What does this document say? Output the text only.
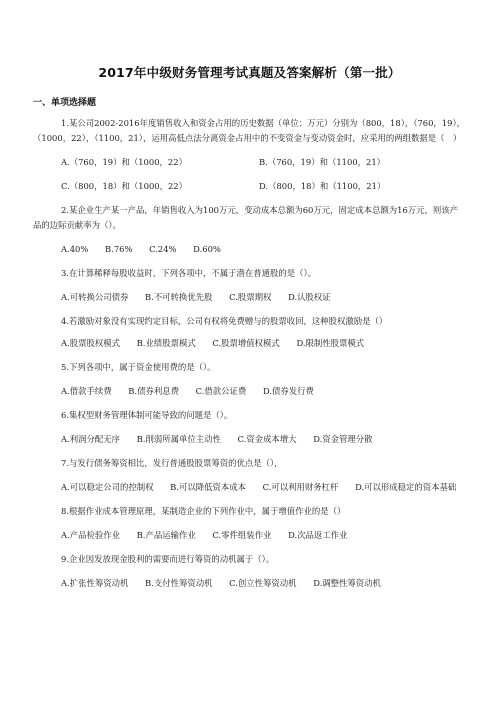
2017年中级财务管理考试真题及答案解析（第一批）
一、单项选择题
1.某公司2002-2016年度销售收入和资金占用的历史数据（单位：万元）分别为（800，18），（760，19），（1000，22），（1100，21），运用高低点法分离资金占用中的不变资金与变动资金时，应采用的两组数据是（　）
A.（760，19）和（1000，22）	B.（760，19）和（1100，21）
C.（800，18）和（1000，22）	D.（800，18）和（1100，21）
2.某企业生产某一产品，年销售收入为100万元，变动成本总额为60万元，固定成本总额为16万元，则该产品的边际贡献率为（）。
A.40% B.76% C.24% D.60%
3.在计算稀释每股收益时，下列各项中，不属于潜在普通股的是（）。
A.可转换公司债券 B.不可转换优先股 C.股票期权 D.认股权证
4.若激励对象没有实现约定目标，公司有权将免费赠与的股票收回，这种股权激励是（）
A.股票股权模式 B.业绩股票模式 C.股票增值权模式 D.限制性股票模式
5.下列各项中，属于资金使用费的是（）。
A.借款手续费 B.债券利息费 C.借款公证费 D.债券发行费
6.集权型财务管理体制可能导致的问题是（）。
A.利润分配无序 B.削弱所属单位主动性 C.资金成本增大 D.资金管理分散
7.与发行债务筹资相比，发行普通股股票筹资的优点是（），
A.可以稳定公司的控制权 B.可以降低资本成本 C.可以利用财务杠杆 D.可以形成稳定的资本基础
8.根据作业成本管理原理，某制造企业的下列作业中，属于增值作业的是（）
A.产品检验作业 B.产品运输作业 C.零件组装作业 D.次品返工作业
9.企业因发放现金股利的需要而进行筹资的动机属于（）。
A.扩张性筹资动机 B.支付性筹资动机 C.创立性筹资动机 D.调整性筹资动机
